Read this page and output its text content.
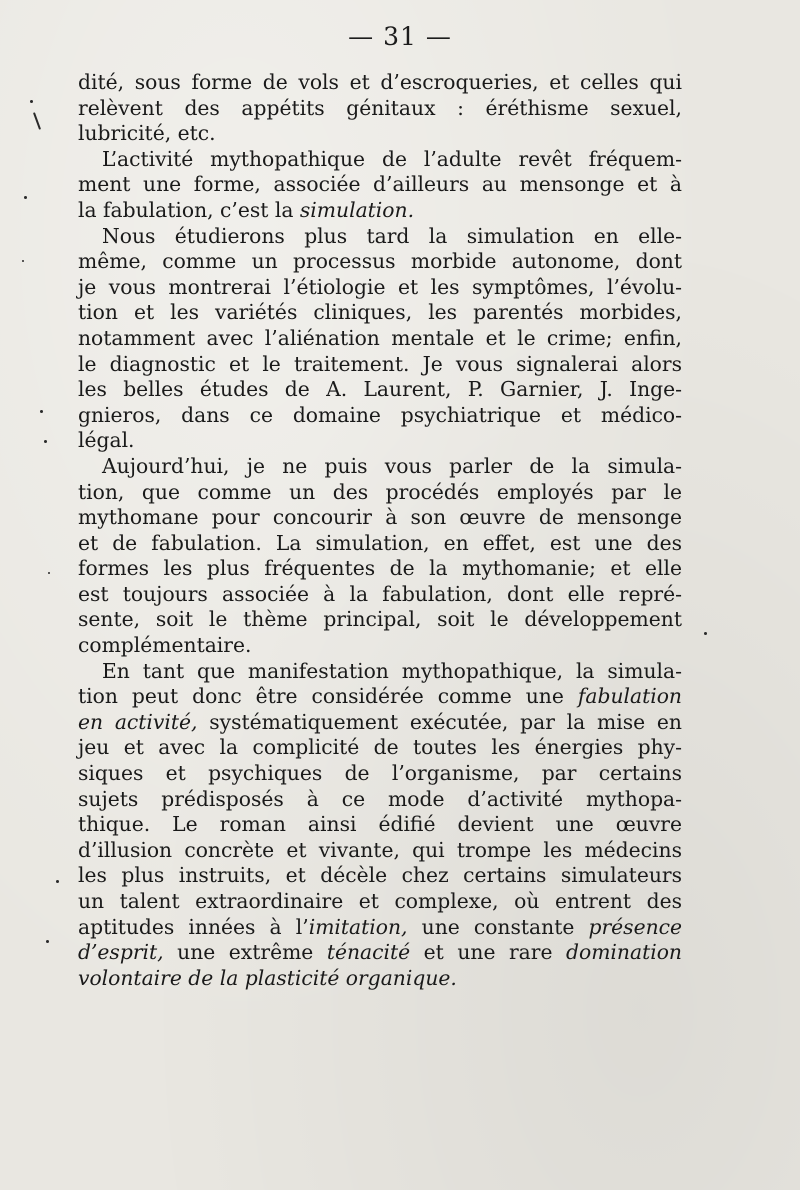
— 31 —
dité, sous forme de vols et d’escroqueries, et celles qui
relèvent des appétits génitaux : éréthisme sexuel,
lubricité, etc.
L’activité mythopathique de l’adulte revêt fréquem-
ment une forme, associée d’ailleurs au mensonge et à
la fabulation, c’est la simulation.
Nous étudierons plus tard la simulation en elle-
même, comme un processus morbide autonome, dont
je vous montrerai l’étiologie et les symptômes, l’évolu-
tion et les variétés cliniques, les parentés morbides,
notamment avec l’aliénation mentale et le crime; enfin,
le diagnostic et le traitement. Je vous signalerai alors
les belles études de A. Laurent, P. Garnier, J. Inge-
gnieros, dans ce domaine psychiatrique et médico-
légal.
Aujourd’hui, je ne puis vous parler de la simula-
tion, que comme un des procédés employés par le
mythomane pour concourir à son œuvre de mensonge
et de fabulation. La simulation, en effet, est une des
formes les plus fréquentes de la mythomanie; et elle
est toujours associée à la fabulation, dont elle repré-
sente, soit le thème principal, soit le développement
complémentaire.
En tant que manifestation mythopathique, la simula-
tion peut donc être considérée comme une fabulation
en activité, systématiquement exécutée, par la mise en
jeu et avec la complicité de toutes les énergies phy-
siques et psychiques de l’organisme, par certains
sujets prédisposés à ce mode d’activité mythopa-
thique. Le roman ainsi édifié devient une œuvre
d’illusion concrète et vivante, qui trompe les médecins
les plus instruits, et décèle chez certains simulateurs
un talent extraordinaire et complexe, où entrent des
aptitudes innées à l’imitation, une constante présence
d’esprit, une extrême ténacité et une rare domination
volontaire de la plasticité organique.
